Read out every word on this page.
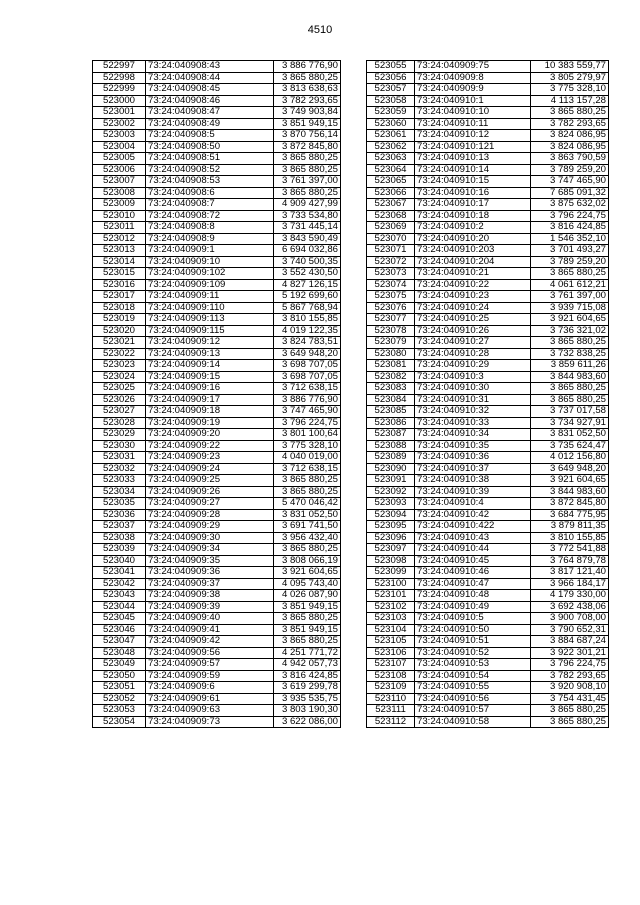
4510
522997	73:24:040908:43	3 886 776,90
522998	73:24:040908:44	3 865 880,25
522999	73:24:040908:45	3 813 638,63
523000	73:24:040908:46	3 782 293,65
523001	73:24:040908:47	3 749 903,84
523002	73:24:040908:49	3 851 949,15
523003	73:24:040908:5	3 870 756,14
523004	73:24:040908:50	3 872 845,80
523005	73:24:040908:51	3 865 880,25
523006	73:24:040908:52	3 865 880,25
523007	73:24:040908:53	3 761 397,00
523008	73:24:040908:6	3 865 880,25
523009	73:24:040908:7	4 909 427,99
523010	73:24:040908:72	3 733 534,80
523011	73:24:040908:8	3 731 445,14
523012	73:24:040908:9	3 843 590,49
523013	73:24:040909:1	6 694 032,86
523014	73:24:040909:10	3 740 500,35
523015	73:24:040909:102	3 552 430,50
523016	73:24:040909:109	4 827 126,15
523017	73:24:040909:11	5 192 699,60
523018	73:24:040909:110	5 867 768,94
523019	73:24:040909:113	3 810 155,85
523020	73:24:040909:115	4 019 122,35
523021	73:24:040909:12	3 824 783,51
523022	73:24:040909:13	3 649 948,20
523023	73:24:040909:14	3 698 707,05
523024	73:24:040909:15	3 698 707,05
523025	73:24:040909:16	3 712 638,15
523026	73:24:040909:17	3 886 776,90
523027	73:24:040909:18	3 747 465,90
523028	73:24:040909:19	3 796 224,75
523029	73:24:040909:20	3 801 100,64
523030	73:24:040909:22	3 775 328,10
523031	73:24:040909:23	4 040 019,00
523032	73:24:040909:24	3 712 638,15
523033	73:24:040909:25	3 865 880,25
523034	73:24:040909:26	3 865 880,25
523035	73:24:040909:27	5 470 046,42
523036	73:24:040909:28	3 831 052,50
523037	73:24:040909:29	3 691 741,50
523038	73:24:040909:30	3 956 432,40
523039	73:24:040909:34	3 865 880,25
523040	73:24:040909:35	3 808 066,19
523041	73:24:040909:36	3 921 604,65
523042	73:24:040909:37	4 095 743,40
523043	73:24:040909:38	4 026 087,90
523044	73:24:040909:39	3 851 949,15
523045	73:24:040909:40	3 865 880,25
523046	73:24:040909:41	3 851 949,15
523047	73:24:040909:42	3 865 880,25
523048	73:24:040909:56	4 251 771,72
523049	73:24:040909:57	4 942 057,73
523050	73:24:040909:59	3 816 424,85
523051	73:24:040909:6	3 619 299,78
523052	73:24:040909:61	3 935 535,75
523053	73:24:040909:63	3 803 190,30
523054	73:24:040909:73	3 622 086,00
523055	73:24:040909:75	10 383 559,77
523056	73:24:040909:8	3 805 279,97
523057	73:24:040909:9	3 775 328,10
523058	73:24:040910:1	4 113 157,28
523059	73:24:040910:10	3 865 880,25
523060	73:24:040910:11	3 782 293,65
523061	73:24:040910:12	3 824 086,95
523062	73:24:040910:121	3 824 086,95
523063	73:24:040910:13	3 863 790,59
523064	73:24:040910:14	3 789 259,20
523065	73:24:040910:15	3 747 465,90
523066	73:24:040910:16	7 685 091,32
523067	73:24:040910:17	3 875 632,02
523068	73:24:040910:18	3 796 224,75
523069	73:24:040910:2	3 816 424,85
523070	73:24:040910:20	1 546 352,10
523071	73:24:040910:203	3 701 493,27
523072	73:24:040910:204	3 789 259,20
523073	73:24:040910:21	3 865 880,25
523074	73:24:040910:22	4 061 612,21
523075	73:24:040910:23	3 761 397,00
523076	73:24:040910:24	3 939 715,08
523077	73:24:040910:25	3 921 604,65
523078	73:24:040910:26	3 736 321,02
523079	73:24:040910:27	3 865 880,25
523080	73:24:040910:28	3 732 838,25
523081	73:24:040910:29	3 859 611,26
523082	73:24:040910:3	3 844 983,60
523083	73:24:040910:30	3 865 880,25
523084	73:24:040910:31	3 865 880,25
523085	73:24:040910:32	3 737 017,58
523086	73:24:040910:33	3 734 927,91
523087	73:24:040910:34	3 831 052,50
523088	73:24:040910:35	3 735 624,47
523089	73:24:040910:36	4 012 156,80
523090	73:24:040910:37	3 649 948,20
523091	73:24:040910:38	3 921 604,65
523092	73:24:040910:39	3 844 983,60
523093	73:24:040910:4	3 872 845,80
523094	73:24:040910:42	3 684 775,95
523095	73:24:040910:422	3 879 811,35
523096	73:24:040910:43	3 810 155,85
523097	73:24:040910:44	3 772 541,88
523098	73:24:040910:45	3 764 879,78
523099	73:24:040910:46	3 817 121,40
523100	73:24:040910:47	3 966 184,17
523101	73:24:040910:48	4 179 330,00
523102	73:24:040910:49	3 692 438,06
523103	73:24:040910:5	3 900 708,00
523104	73:24:040910:50	3 790 652,31
523105	73:24:040910:51	3 884 687,24
523106	73:24:040910:52	3 922 301,21
523107	73:24:040910:53	3 796 224,75
523108	73:24:040910:54	3 782 293,65
523109	73:24:040910:55	3 920 908,10
523110	73:24:040910:56	3 754 431,45
523111	73:24:040910:57	3 865 880,25
523112	73:24:040910:58	3 865 880,25
